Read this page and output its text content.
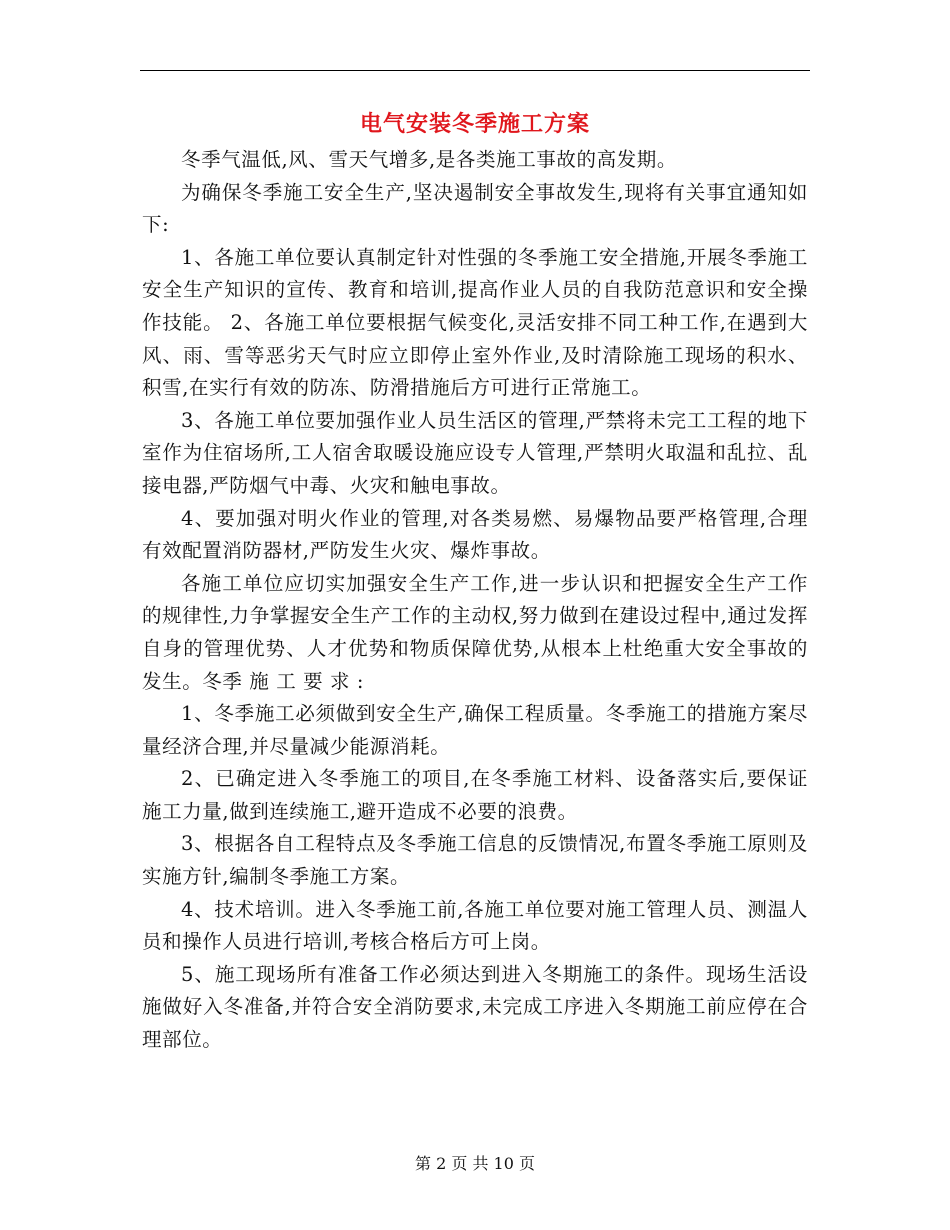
电气安装冬季施工方案

冬季气温低,风、雪天气增多,是各类施工事故的高发期。

为确保冬季施工安全生产,坚决遏制安全事故发生,现将有关事宜通知如下:

1、各施工单位要认真制定针对性强的冬季施工安全措施,开展冬季施工安全生产知识的宣传、教育和培训,提高作业人员的自我防范意识和安全操作技能。 2、各施工单位要根据气候变化,灵活安排不同工种工作,在遇到大风、雨、雪等恶劣天气时应立即停止室外作业,及时清除施工现场的积水、积雪,在实行有效的防冻、防滑措施后方可进行正常施工。

3、各施工单位要加强作业人员生活区的管理,严禁将未完工工程的地下室作为住宿场所,工人宿舍取暖设施应设专人管理,严禁明火取温和乱拉、乱接电器,严防烟气中毒、火灾和触电事故。

4、要加强对明火作业的管理,对各类易燃、易爆物品要严格管理,合理有效配置消防器材,严防发生火灾、爆炸事故。

各施工单位应切实加强安全生产工作,进一步认识和把握安全生产工作的规律性,力争掌握安全生产工作的主动权,努力做到在建设过程中,通过发挥自身的管理优势、人才优势和物质保障优势,从根本上杜绝重大安全事故的发生。冬季 施 工 要 求 :

1、冬季施工必须做到安全生产,确保工程质量。冬季施工的措施方案尽量经济合理,并尽量减少能源消耗。

2、已确定进入冬季施工的项目,在冬季施工材料、设备落实后,要保证施工力量,做到连续施工,避开造成不必要的浪费。

3、根据各自工程特点及冬季施工信息的反馈情况,布置冬季施工原则及实施方针,编制冬季施工方案。

4、技术培训。进入冬季施工前,各施工单位要对施工管理人员、测温人员和操作人员进行培训,考核合格后方可上岗。

5、施工现场所有准备工作必须达到进入冬期施工的条件。现场生活设施做好入冬准备,并符合安全消防要求,未完成工序进入冬期施工前应停在合理部位。

第 2 页 共 10 页
